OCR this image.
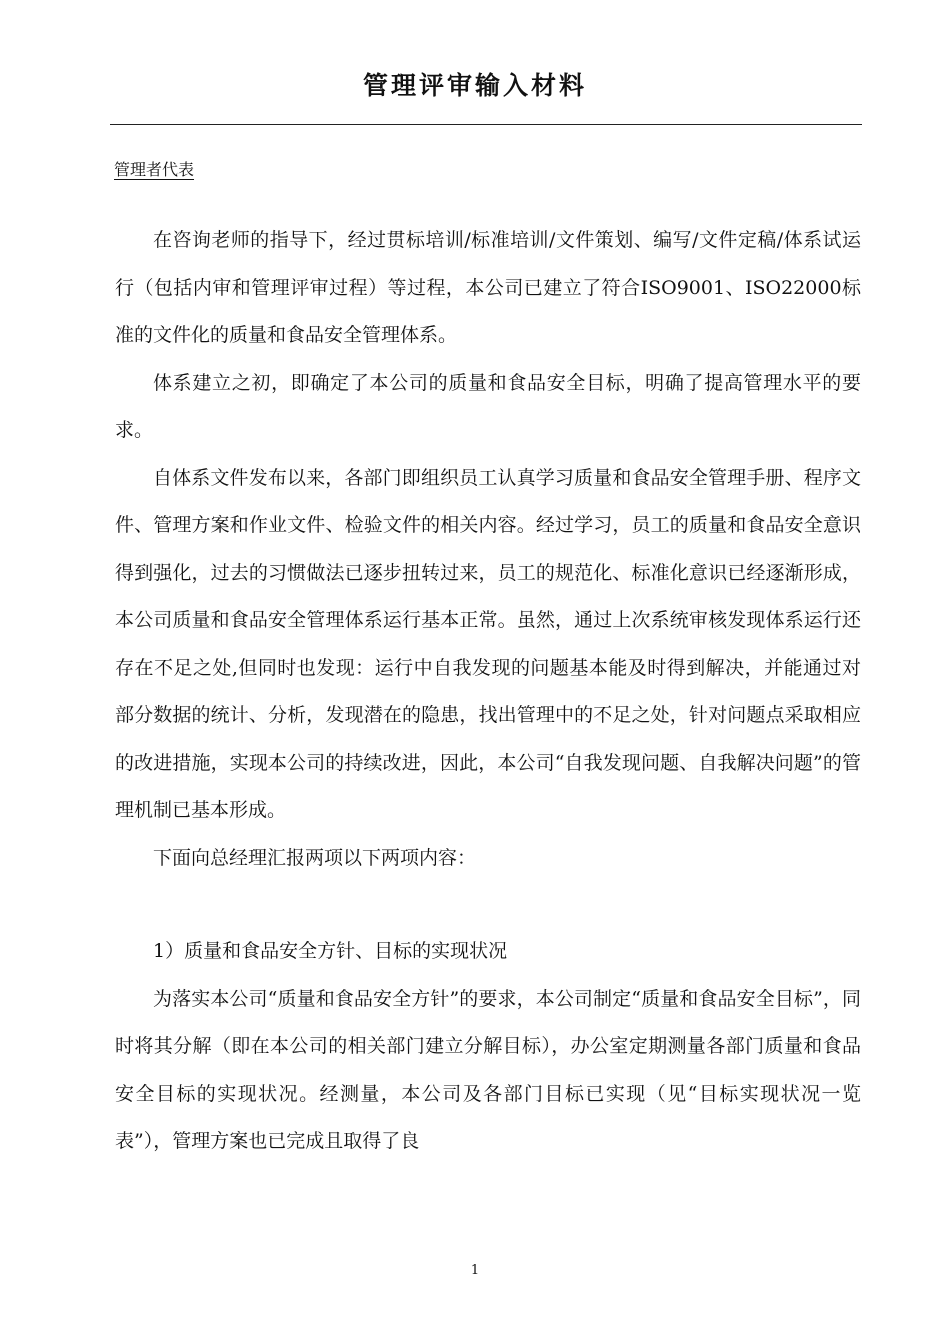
管理评审输入材料
管理者代表

在咨询老师的指导下，经过贯标培训/标准培训/文件策划、编写/文件定稿/体系试运行（包括内审和管理评审过程）等过程，本公司已建立了符合ISO9001、ISO22000标准的文件化的质量和食品安全管理体系。

体系建立之初，即确定了本公司的质量和食品安全目标，明确了提高管理水平的要求。

自体系文件发布以来，各部门即组织员工认真学习质量和食品安全管理手册、程序文件、管理方案和作业文件、检验文件的相关内容。经过学习，员工的质量和食品安全意识得到强化，过去的习惯做法已逐步扭转过来，员工的规范化、标准化意识已经逐渐形成，本公司质量和食品安全管理体系运行基本正常。虽然，通过上次系统审核发现体系运行还存在不足之处,但同时也发现：运行中自我发现的问题基本能及时得到解决，并能通过对部分数据的统计、分析，发现潜在的隐患，找出管理中的不足之处，针对问题点采取相应的改进措施，实现本公司的持续改进，因此，本公司“自我发现问题、自我解决问题”的管理机制已基本形成。

下面向总经理汇报两项以下两项内容：

1）质量和食品安全方针、目标的实现状况

为落实本公司“质量和食品安全方针”的要求，本公司制定“质量和食品安全目标”，同时将其分解（即在本公司的相关部门建立分解目标），办公室定期测量各部门质量和食品安全目标的实现状况。经测量，本公司及各部门目标已实现（见“目标实现状况一览表”），管理方案也已完成且取得了良

1
